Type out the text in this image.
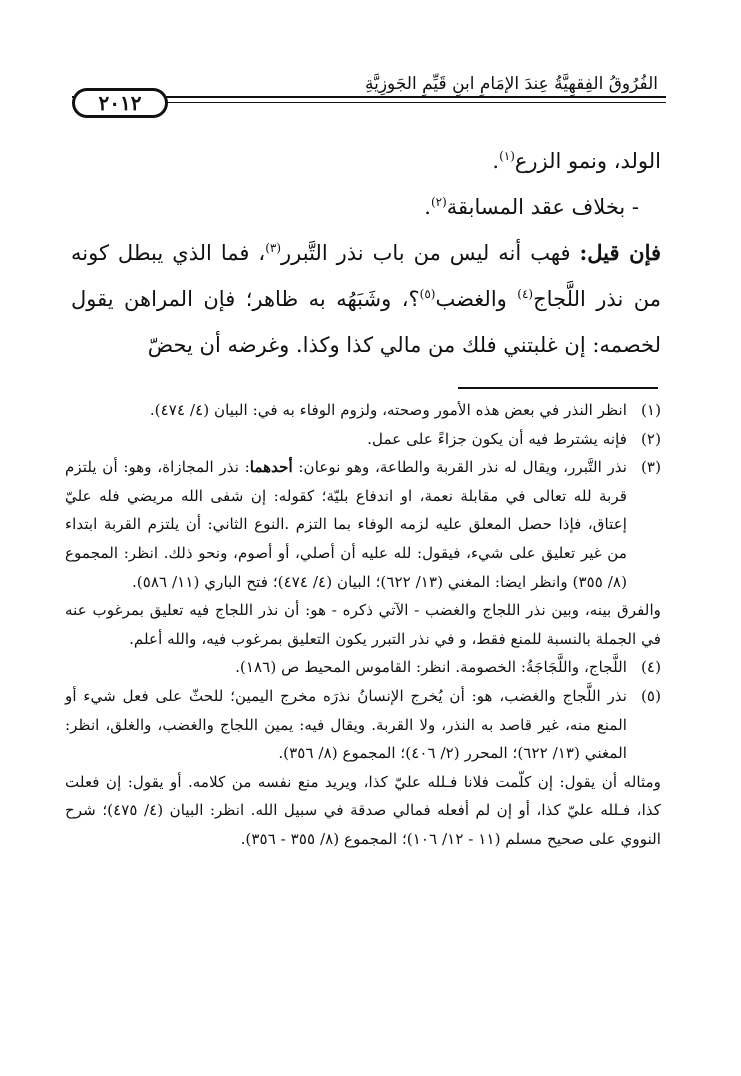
الفُرُوقُ الفِقهِيَّةُ عِندَ الإمَامِ ابنِ قَيِّمِ الجَوزِيَّةِ
٢٠١٢

الولد، ونمو الزرع$^{(١)}$.

- بخلاف عقد المسابقة$^{(٢)}$.

فإن قيل: فهب أنه ليس من باب نذر التَّبرر$^{(٣)}$، فما الذي يبطل كونه من نذر اللَّجاج$^{(٤)}$ والغضب$^{(٥)}$؟، وشَبَهُه به ظاهر؛ فإن المراهن يقول لخصمه: إن غلبتني فلك من مالي كذا وكذا. وغرضه أن يحضّ

(١)
انظر النذر في بعض هذه الأمور وصحته، ولزوم الوفاء به في: البيان (٤/ ٤٧٤).

(٢)
فإنه يشترط فيه أن يكون جزاءً على عمل.

(٣)
نذر التَّبرر، ويقال له نذر القربة والطاعة، وهو نوعان: أحدهما: نذر المجازاة، وهو: أن يلتزم قربة لله تعالى في مقابلة نعمة، او اندفاع بليّة؛ كقوله: إن شفى الله مريضي فله عليّ إعتاق، فإذا حصل المعلق عليه لزمه الوفاء بما التزم .النوع الثاني: أن يلتزم القربة ابتداء من غير تعليق على شيء، فيقول: لله عليه أن أصلي، أو أصوم، ونحو ذلك. انظر: المجموع (٨/ ٣٥٥) وانظر ايضا: المغني (١٣/ ٦٢٢)؛ البيان (٤/ ٤٧٤)؛ فتح الباري (١١/ ٥٨٦).

والفرق بينه، وبين نذر اللجاج والغضب - الآتي ذكره - هو: أن نذر اللجاج فيه تعليق بمرغوب عنه في الجملة بالنسبة للمنع فقط، و في نذر التبرر يكون التعليق بمرغوب فيه، والله أعلم.

(٤)
اللَّجاج، واللَّجَاجَةُ: الخصومة. انظر: القاموس المحيط ص (١٨٦).

(٥)
نذر اللَّجاج والغضب، هو: أن يُخرج الإنسانُ نذرَه مخرج اليمين؛ للحثّ على فعل شيء أو المنع منه، غير قاصد به النذر، ولا القربة. ويقال فيه: يمين اللجاج والغضب، والغلق، انظر: المغني (١٣/ ٦٢٢)؛ المحرر (٢/ ٤٠٦)؛ المجموع (٨/ ٣٥٦).

ومثاله أن يقول: إن كلّمت فلانا فـلله عليّ كذا، ويريد منع نفسه من كلامه. أو يقول: إن فعلت كذا، فـلله عليّ كذا، أو إن لم أفعله فمالي صدقة في سبيل الله. انظر: البيان (٤/ ٤٧٥)؛ شرح النووي على صحيح مسلم (١١ - ١٢/ ١٠٦)؛ المجموع (٨/ ٣٥٥ - ٣٥٦).
